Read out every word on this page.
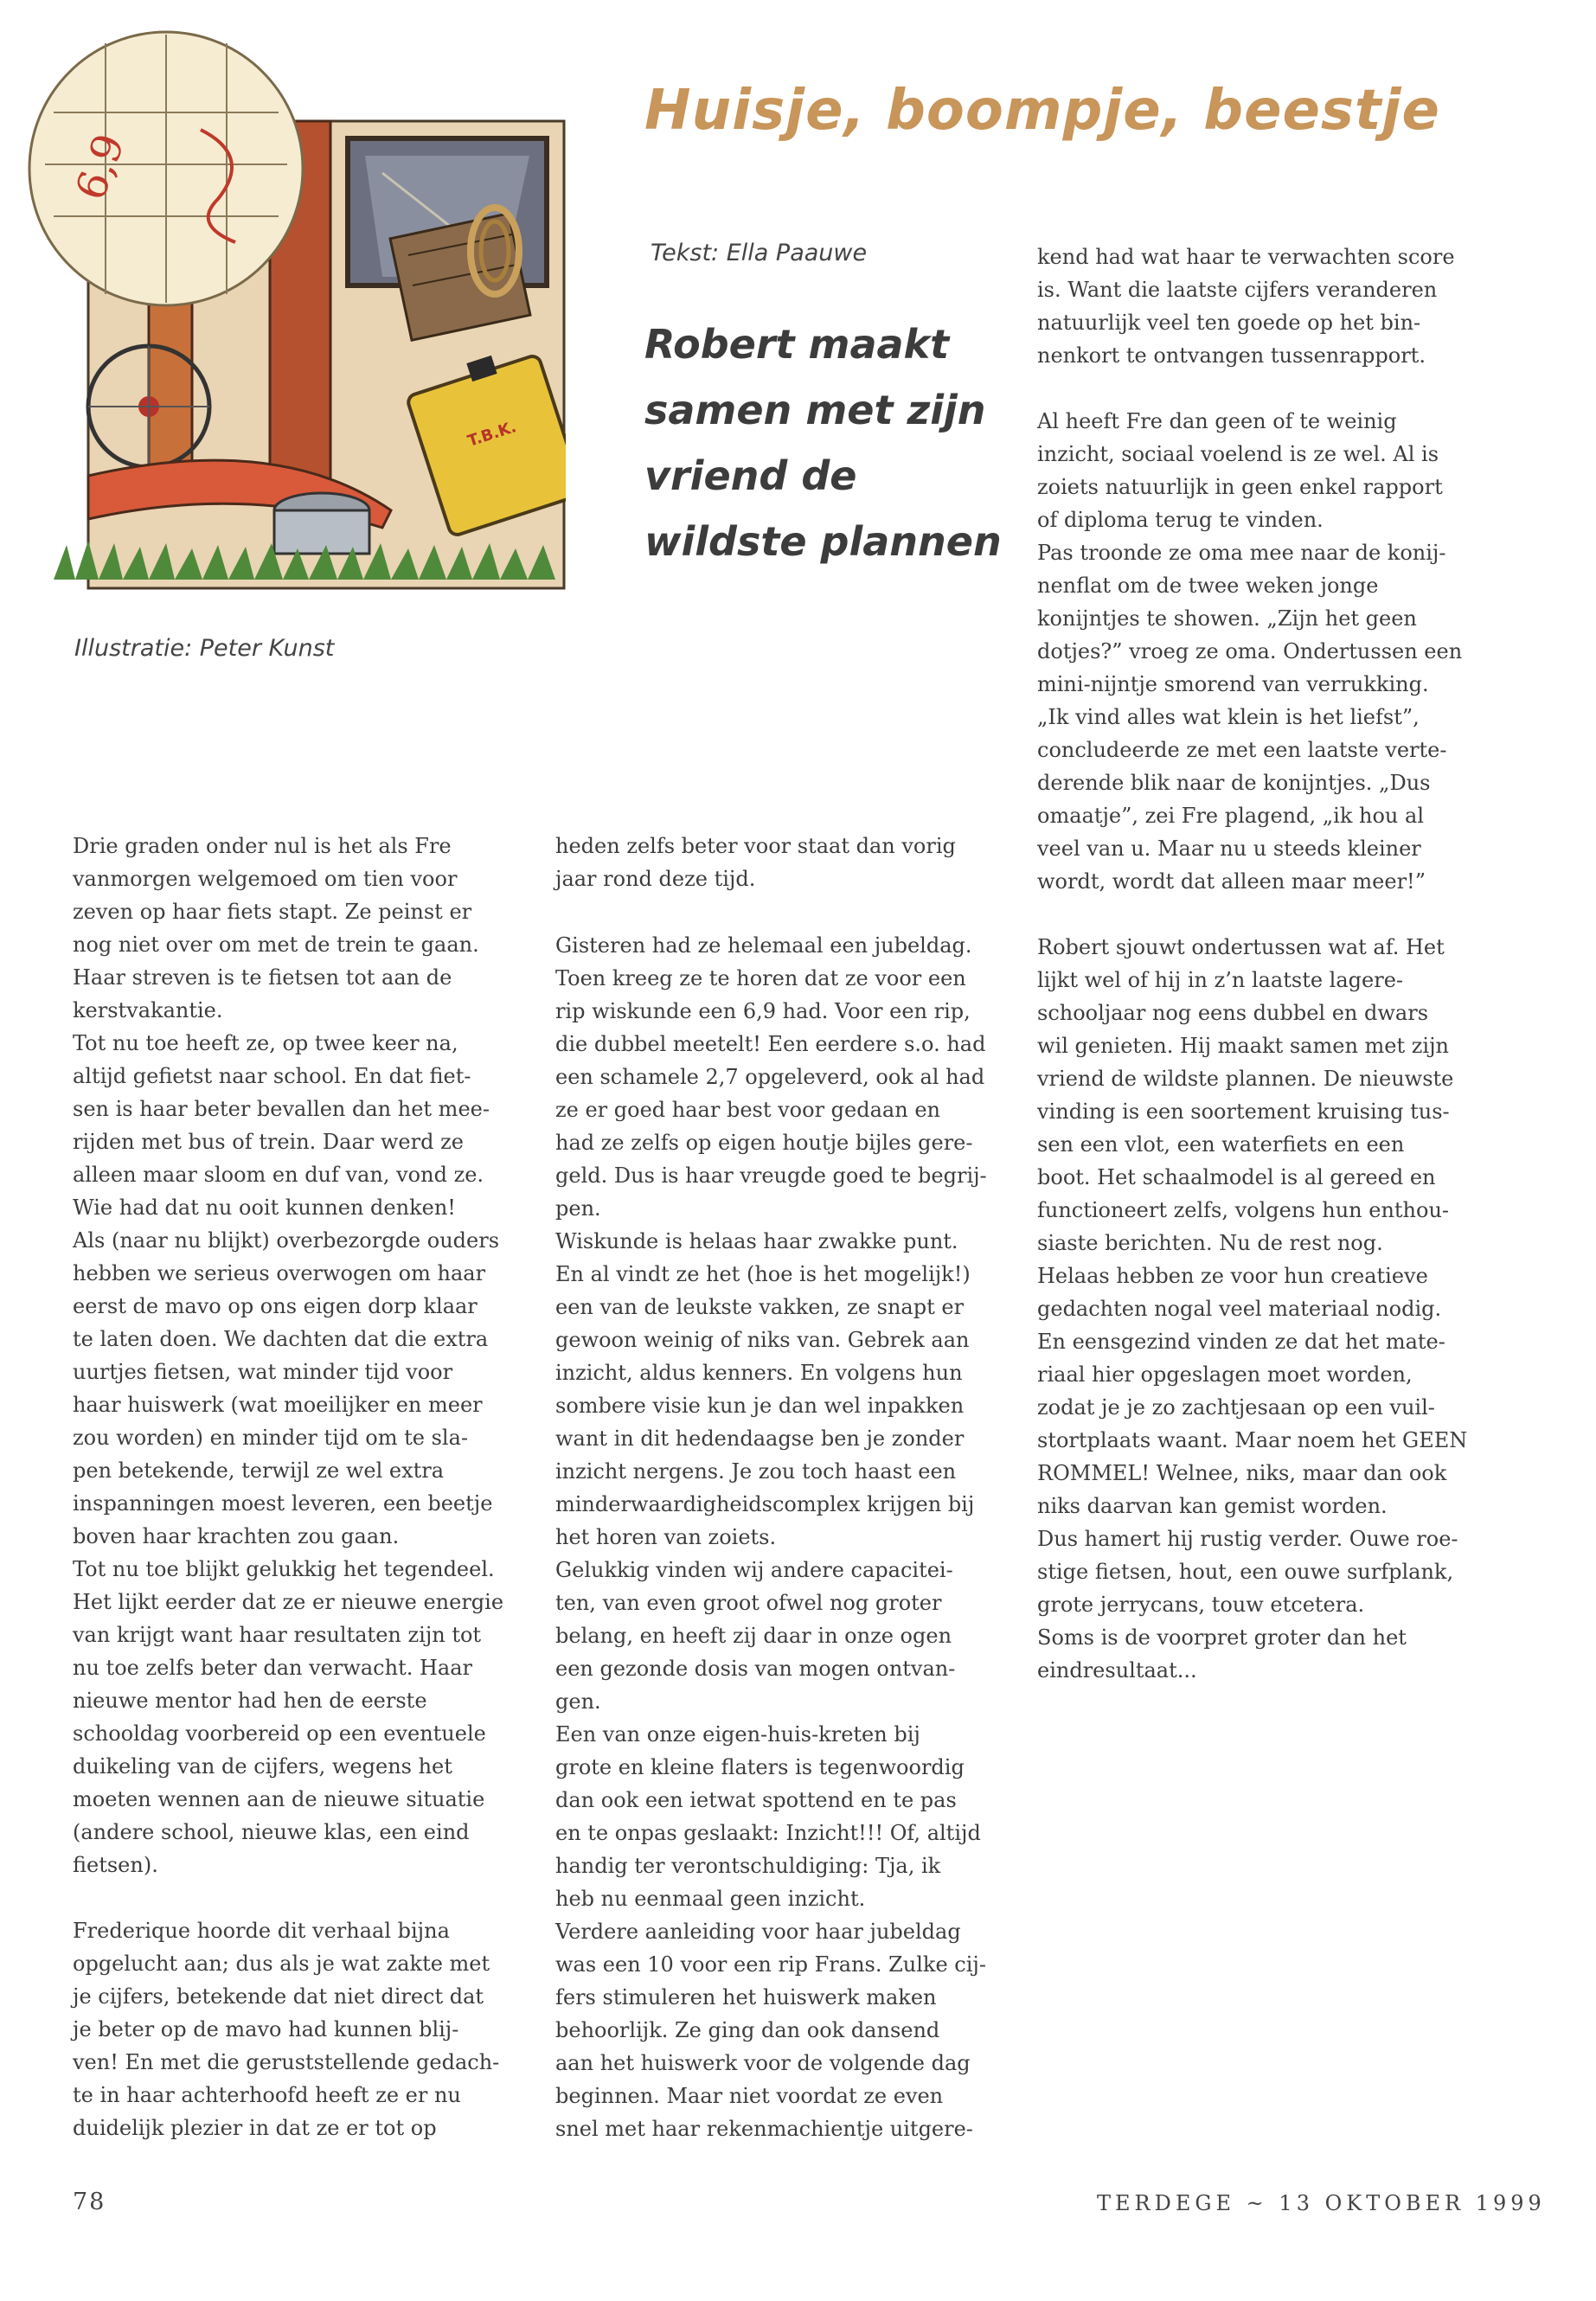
Huisje, boompje, beestje
T.B.K.
6,9

Illustratie: Peter Kunst

Tekst: Ella Paauwe

Robert maakt
samen met zijn
vriend de
wildste plannen
Drie graden onder nul is het als Fre
vanmorgen welgemoed om tien voor
zeven op haar fiets stapt. Ze peinst er
nog niet over om met de trein te gaan.
Haar streven is te fietsen tot aan de
kerstvakantie.
Tot nu toe heeft ze, op twee keer na,
altijd gefietst naar school. En dat fiet-
sen is haar beter bevallen dan het mee-
rijden met bus of trein. Daar werd ze
alleen maar sloom en duf van, vond ze.
Wie had dat nu ooit kunnen denken!
Als (naar nu blijkt) overbezorgde ouders
hebben we serieus overwogen om haar
eerst de mavo op ons eigen dorp klaar
te laten doen. We dachten dat die extra
uurtjes fietsen, wat minder tijd voor
haar huiswerk (wat moeilijker en meer
zou worden) en minder tijd om te sla-
pen betekende, terwijl ze wel extra
inspanningen moest leveren, een beetje
boven haar krachten zou gaan.
Tot nu toe blijkt gelukkig het tegendeel.
Het lijkt eerder dat ze er nieuwe energie
van krijgt want haar resultaten zijn tot
nu toe zelfs beter dan verwacht. Haar
nieuwe mentor had hen de eerste
schooldag voorbereid op een eventuele
duikeling van de cijfers, wegens het
moeten wennen aan de nieuwe situatie
(andere school, nieuwe klas, een eind
fietsen).
Frederique hoorde dit verhaal bijna
opgelucht aan; dus als je wat zakte met
je cijfers, betekende dat niet direct dat
je beter op de mavo had kunnen blij-
ven! En met die geruststellende gedach-
te in haar achterhoofd heeft ze er nu
duidelijk plezier in dat ze er tot op
heden zelfs beter voor staat dan vorig
jaar rond deze tijd.
Gisteren had ze helemaal een jubeldag.
Toen kreeg ze te horen dat ze voor een
rip wiskunde een 6,9 had. Voor een rip,
die dubbel meetelt! Een eerdere s.o. had
een schamele 2,7 opgeleverd, ook al had
ze er goed haar best voor gedaan en
had ze zelfs op eigen houtje bijles gere-
geld. Dus is haar vreugde goed te begrij-
pen.
Wiskunde is helaas haar zwakke punt.
En al vindt ze het (hoe is het mogelijk!)
een van de leukste vakken, ze snapt er
gewoon weinig of niks van. Gebrek aan
inzicht, aldus kenners. En volgens hun
sombere visie kun je dan wel inpakken
want in dit hedendaagse ben je zonder
inzicht nergens. Je zou toch haast een
minderwaardigheidscomplex krijgen bij
het horen van zoiets.
Gelukkig vinden wij andere capacitei-
ten, van even groot ofwel nog groter
belang, en heeft zij daar in onze ogen
een gezonde dosis van mogen ontvan-
gen.
Een van onze eigen-huis-kreten bij
grote en kleine flaters is tegenwoordig
dan ook een ietwat spottend en te pas
en te onpas geslaakt: Inzicht!!! Of, altijd
handig ter verontschuldiging: Tja, ik
heb nu eenmaal geen inzicht.
Verdere aanleiding voor haar jubeldag
was een 10 voor een rip Frans. Zulke cij-
fers stimuleren het huiswerk maken
behoorlijk. Ze ging dan ook dansend
aan het huiswerk voor de volgende dag
beginnen. Maar niet voordat ze even
snel met haar rekenmachientje uitgere-
kend had wat haar te verwachten score
is. Want die laatste cijfers veranderen
natuurlijk veel ten goede op het bin-
nenkort te ontvangen tussenrapport.
Al heeft Fre dan geen of te weinig
inzicht, sociaal voelend is ze wel. Al is
zoiets natuurlijk in geen enkel rapport
of diploma terug te vinden.
Pas troonde ze oma mee naar de konij-
nenflat om de twee weken jonge
konijntjes te showen. „Zijn het geen
dotjes?” vroeg ze oma. Ondertussen een
mini-nijntje smorend van verrukking.
„Ik vind alles wat klein is het liefst”,
concludeerde ze met een laatste verte-
derende blik naar de konijntjes. „Dus
omaatje”, zei Fre plagend, „ik hou al
veel van u. Maar nu u steeds kleiner
wordt, wordt dat alleen maar meer!”
Robert sjouwt ondertussen wat af. Het
lijkt wel of hij in z’n laatste lagere-
schooljaar nog eens dubbel en dwars
wil genieten. Hij maakt samen met zijn
vriend de wildste plannen. De nieuwste
vinding is een soortement kruising tus-
sen een vlot, een waterfiets en een
boot. Het schaalmodel is al gereed en
functioneert zelfs, volgens hun enthou-
siaste berichten. Nu de rest nog.
Helaas hebben ze voor hun creatieve
gedachten nogal veel materiaal nodig.
En eensgezind vinden ze dat het mate-
riaal hier opgeslagen moet worden,
zodat je je zo zachtjesaan op een vuil-
stortplaats waant. Maar noem het GEEN
ROMMEL! Welnee, niks, maar dan ook
niks daarvan kan gemist worden.
Dus hamert hij rustig verder. Ouwe roe-
stige fietsen, hout, een ouwe surfplank,
grote jerrycans, touw etcetera.
Soms is de voorpret groter dan het
eindresultaat...

78	TERDEGE ~ 13 OKTOBER 1999
